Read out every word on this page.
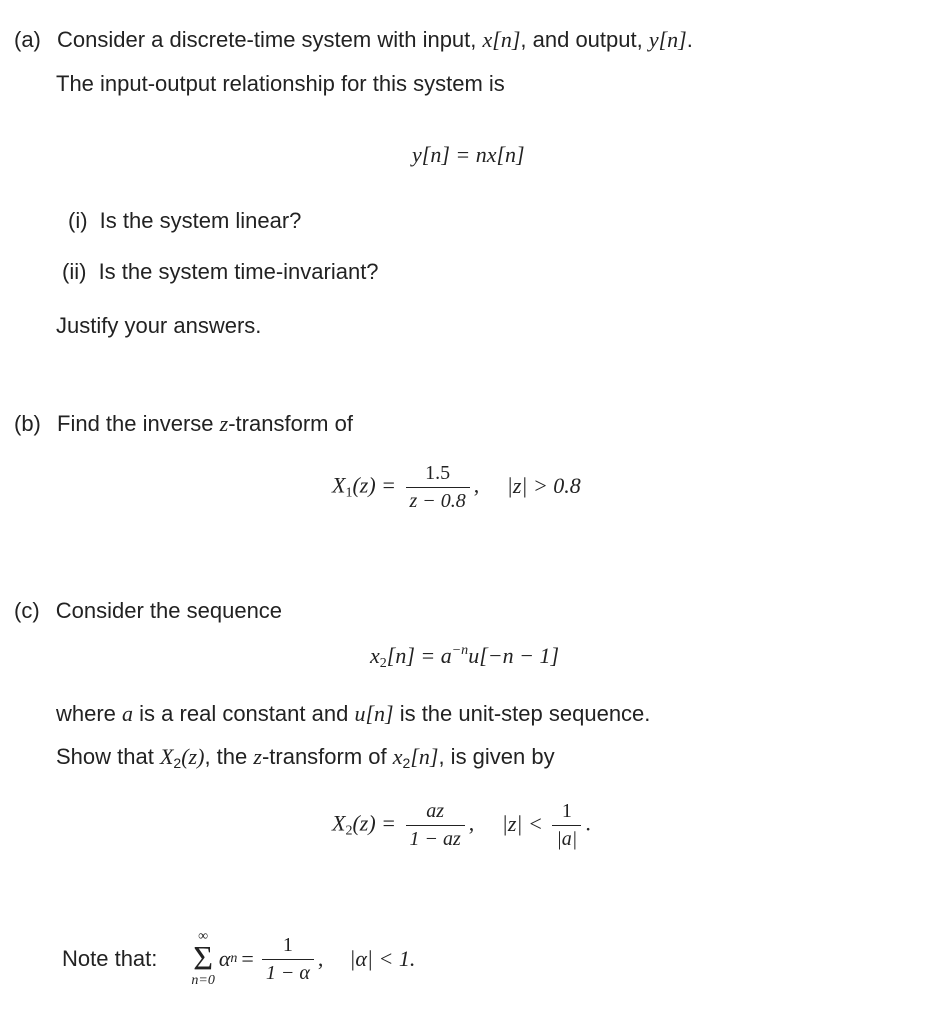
(a) Consider a discrete-time system with input, x[n], and output, y[n].
The input-output relationship for this system is
y[n] = nx[n]
(i) Is the system linear?
(ii) Is the system time-invariant?
Justify your answers.
(b) Find the inverse z-transform of
$X_1(z) = \frac{1.5}{z - 0.8}$ , |z| > 0.8
(c) Consider the sequence
$x_2[n] = a^{-n}u[-n - 1]$
where a is a real constant and u[n] is the unit-step sequence.
Show that $X_2(z)$, the z-transform of $x_2[n]$, is given by
$X_2(z) = \frac{az}{1 - az}$ , $|z| < \frac{1}{|a|}$ .
Note that:
∞
Σ
n=0
α $n = \frac{1}{1 - \alpha}$ , |α| < 1.
